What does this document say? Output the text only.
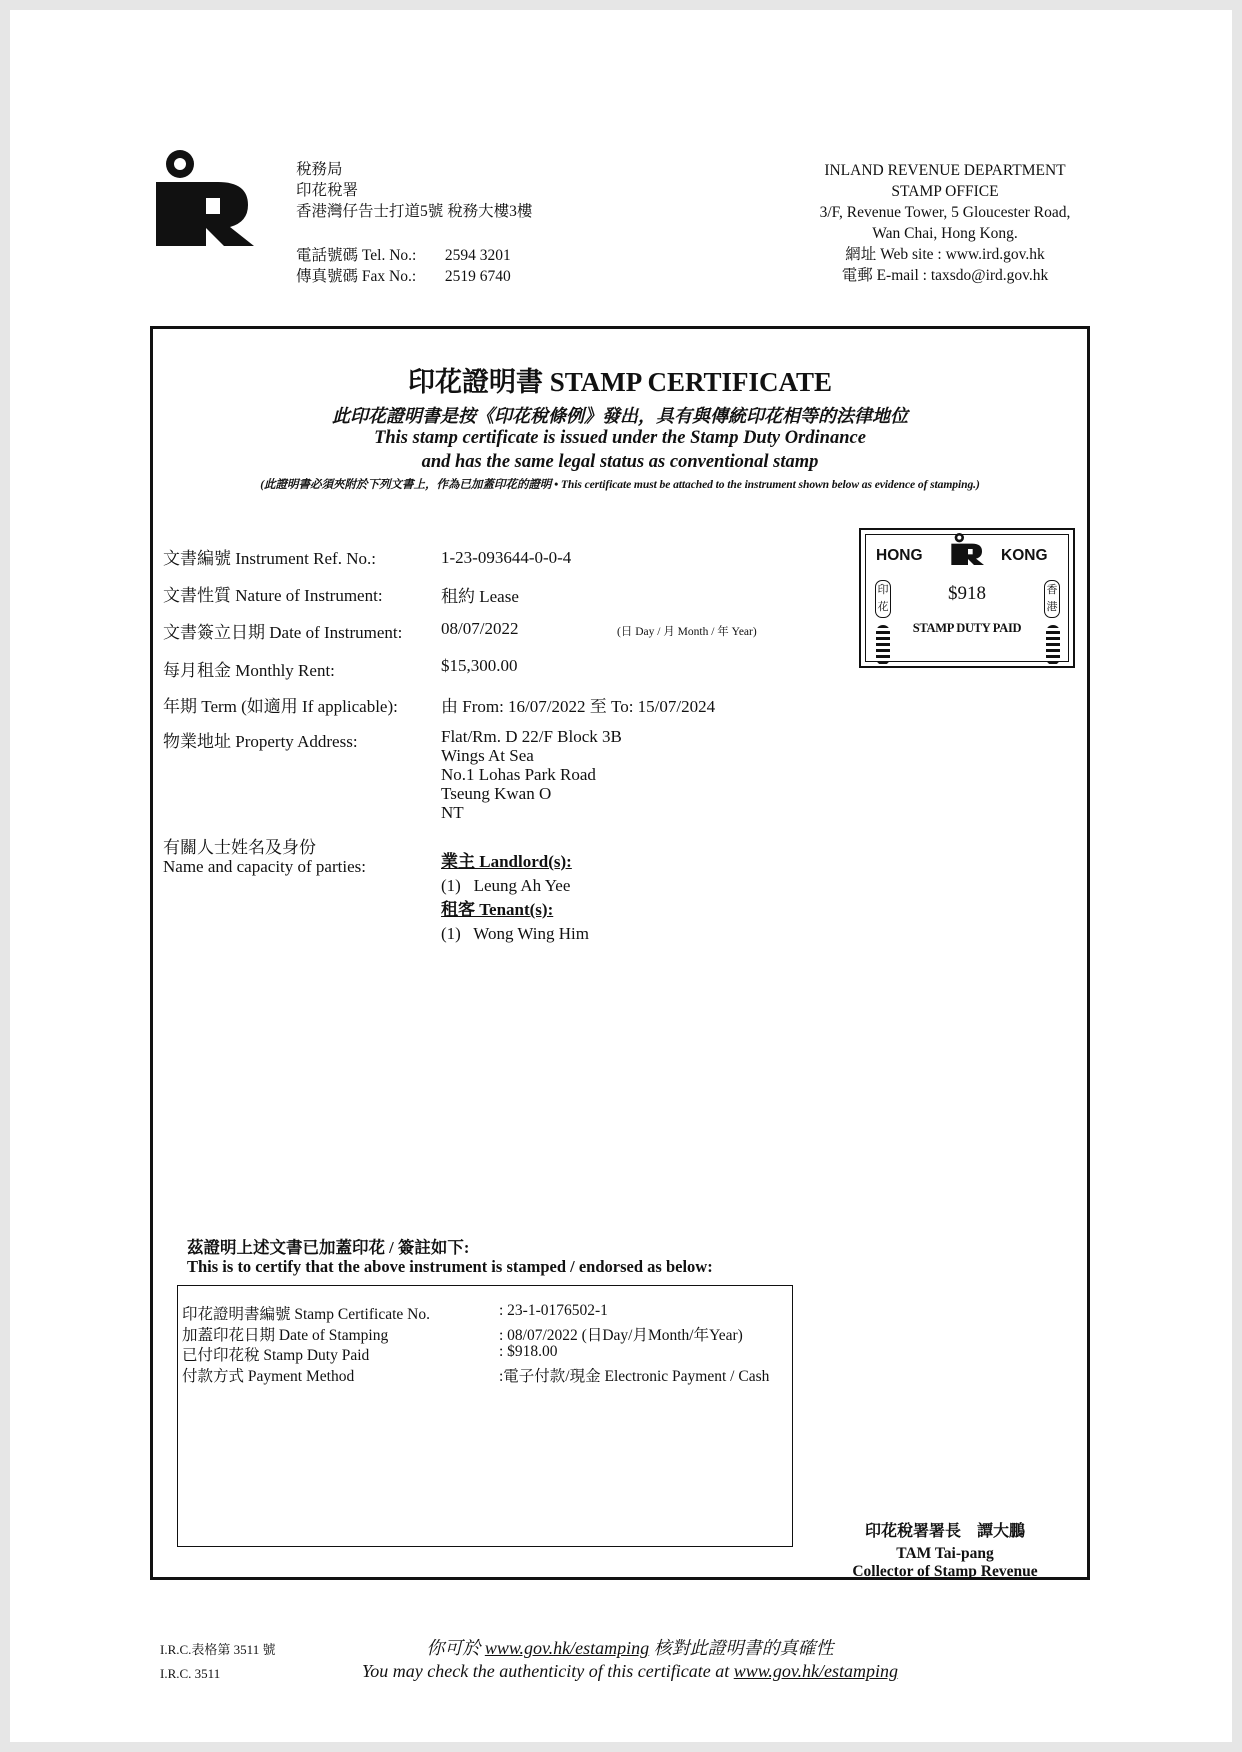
稅務局
印花稅署
香港灣仔告士打道5號 稅務大樓3樓
電話號碼 Tel. No.: 2594 3201
傳真號碼 Fax No.: 2519 6740
INLAND REVENUE DEPARTMENT
STAMP OFFICE
3/F, Revenue Tower, 5 Gloucester Road,
Wan Chai, Hong Kong.
網址 Web site : www.ird.gov.hk
電郵 E-mail : taxsdo@ird.gov.hk
印花證明書 STAMP CERTIFICATE
此印花證明書是按《印花稅條例》發出，具有與傳統印花相等的法律地位
This stamp certificate is issued under the Stamp Duty Ordinance
and has the same legal status as conventional stamp
(此證明書必須夾附於下列文書上，作為已加蓋印花的證明 • This certificate must be attached to the instrument shown below as evidence of stamping.)
文書編號 Instrument Ref. No.:	1-23-093644-0-0-4
文書性質 Nature of Instrument:	租約 Lease
文書簽立日期 Date of Instrument: 08/07/2022	(日 Day / 月 Month / 年 Year)
每月租金 Monthly Rent:	$15,300.00
年期 Term (如適用 If applicable):	由 From: 16/07/2022 至 To: 15/07/2024
物業地址 Property Address:	Flat/Rm. D 22/F Block 3B
Wings At Sea
No.1 Lohas Park Road
Tseung Kwan O
NT
有關人士姓名及身份
Name and capacity of parties:	業主 Landlord(s):
(1)   Leung Ah Yee
租客 Tenant(s):
(1)   Wong Wing Him
HONG	KONG
$918
STAMP DUTY PAID
印花
香港
茲證明上述文書已加蓋印花 / 簽註如下:
This is to certify that the above instrument is stamped / endorsed as below:
印花證明書編號 Stamp Certificate No.	: 23-1-0176502-1
加蓋印花日期 Date of Stamping	: 08/07/2022 (日Day/月Month/年Year)
已付印花稅 Stamp Duty Paid	: $918.00
付款方式 Payment Method	:電子付款/現金 Electronic Payment / Cash
印花稅署署長    譚大鵬
TAM Tai-pang
Collector of Stamp Revenue
I.R.C.表格第 3511 號
I.R.C. 3511
你可於 www.gov.hk/estamping 核對此證明書的真確性
You may check the authenticity of this certificate at www.gov.hk/estamping
